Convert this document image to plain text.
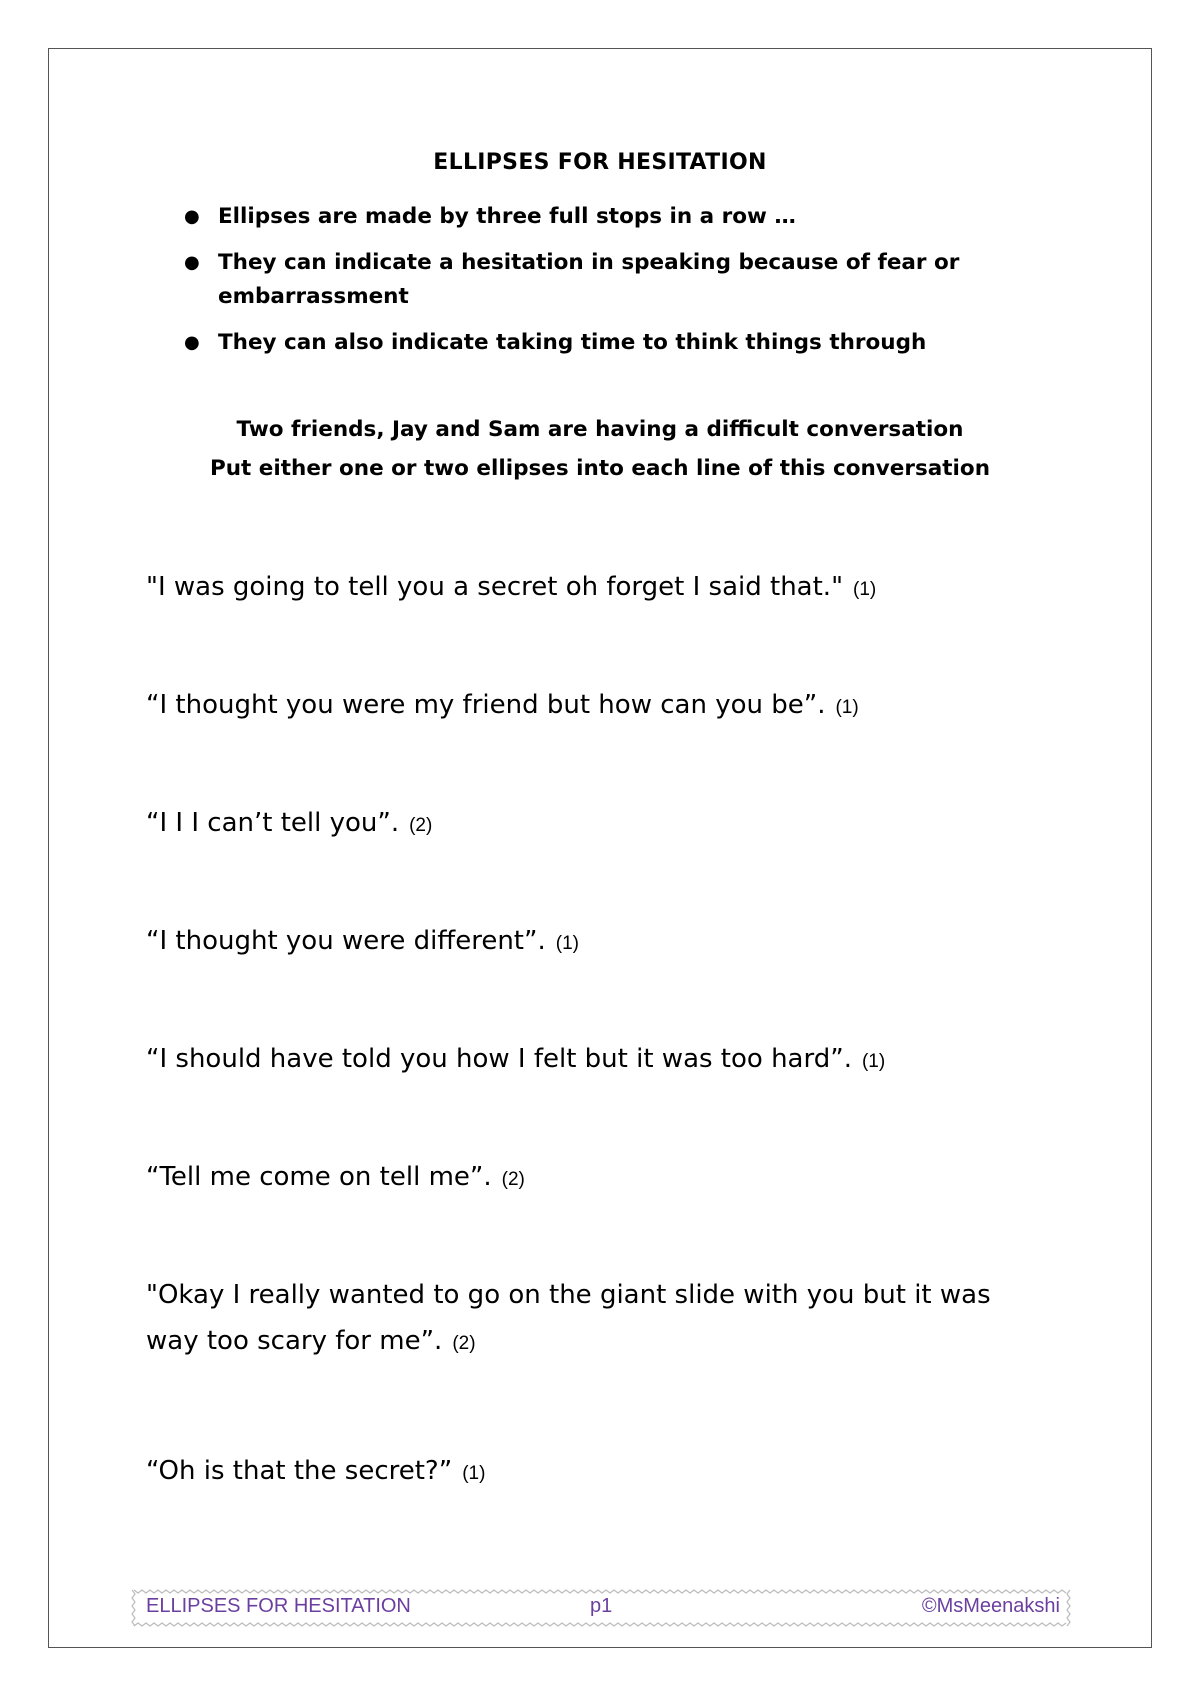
ELLIPSES FOR HESITATION
● Ellipses are made by three full stops in a row …
● They can indicate a hesitation in speaking because of fear or embarrassment
● They can also indicate taking time to think things through
Two friends, Jay and Sam are having a difficult conversation
Put either one or two ellipses into each line of this conversation
"I was going to tell you a secret oh forget I said that." (1)
“I thought you were my friend but how can you be”. (1)
“I I I can’t tell you”. (2)
“I thought you were different”. (1)
“I should have told you how I felt but it was too hard”. (1)
“Tell me come on tell me”. (2)
"Okay I really wanted to go on the giant slide with you but it was way too scary for me”. (2)
“Oh is that the secret?” (1)
ELLIPSES FOR HESITATION	p1	©MsMeenakshi
